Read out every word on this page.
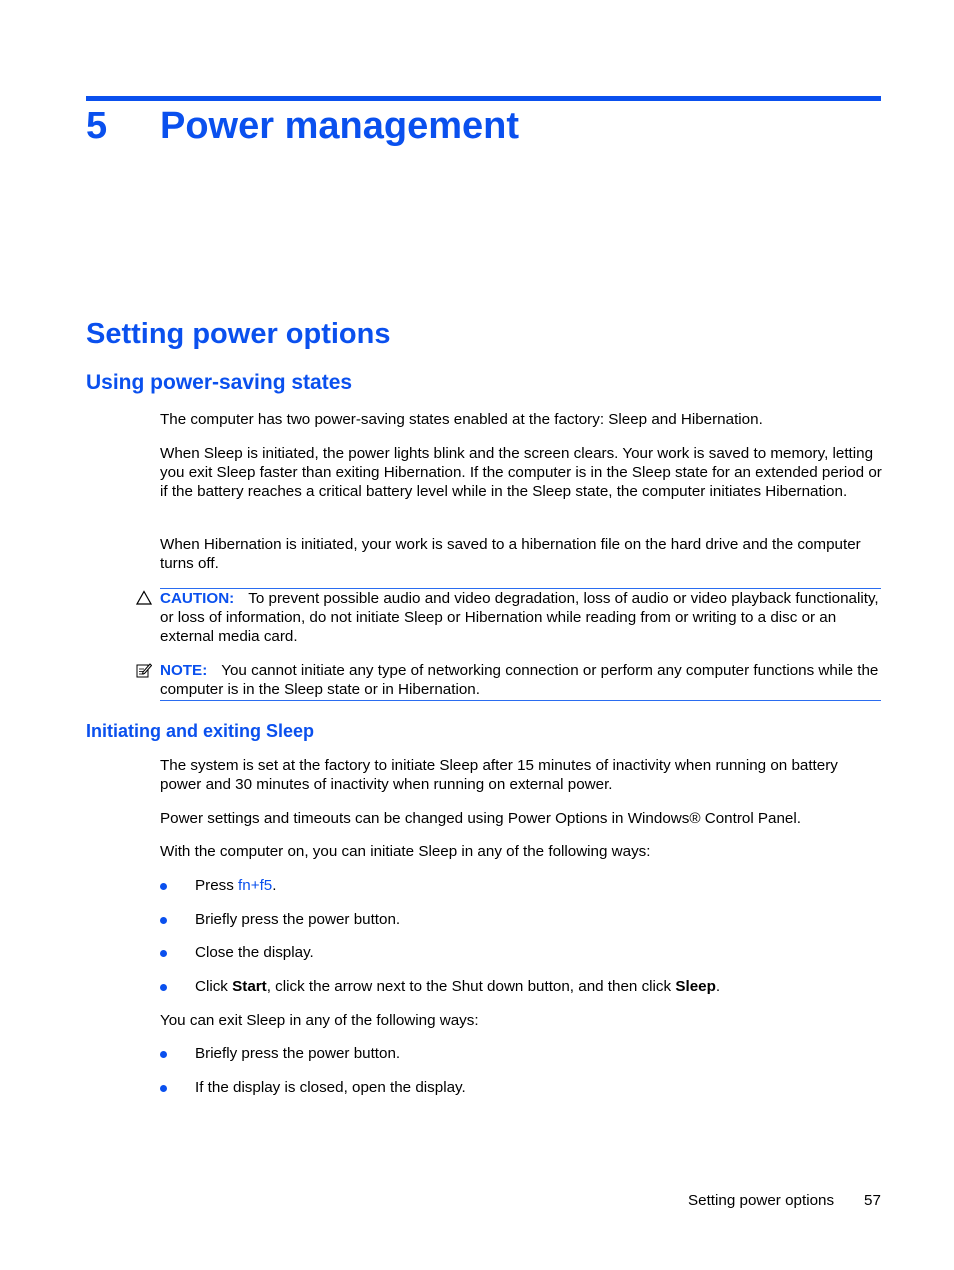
5 Power management
Setting power options
Using power-saving states

The computer has two power-saving states enabled at the factory: Sleep and Hibernation.

When Sleep is initiated, the power lights blink and the screen clears. Your work is saved to memory, letting you exit Sleep faster than exiting Hibernation. If the computer is in the Sleep state for an extended period or if the battery reaches a critical battery level while in the Sleep state, the computer initiates Hibernation.

When Hibernation is initiated, your work is saved to a hibernation file on the hard drive and the computer turns off.

CAUTION: To prevent possible audio and video degradation, loss of audio or video playback functionality, or loss of information, do not initiate Sleep or Hibernation while reading from or writing to a disc or an external media card.

NOTE: You cannot initiate any type of networking connection or perform any computer functions while the computer is in the Sleep state or in Hibernation.

Initiating and exiting Sleep

The system is set at the factory to initiate Sleep after 15 minutes of inactivity when running on battery power and 30 minutes of inactivity when running on external power.

Power settings and timeouts can be changed using Power Options in Windows® Control Panel.

With the computer on, you can initiate Sleep in any of the following ways:

Press fn+f5.
Briefly press the power button.
Close the display.
Click Start, click the arrow next to the Shut down button, and then click Sleep.

You can exit Sleep in any of the following ways:

Briefly press the power button.
If the display is closed, open the display.
Setting power options 57
